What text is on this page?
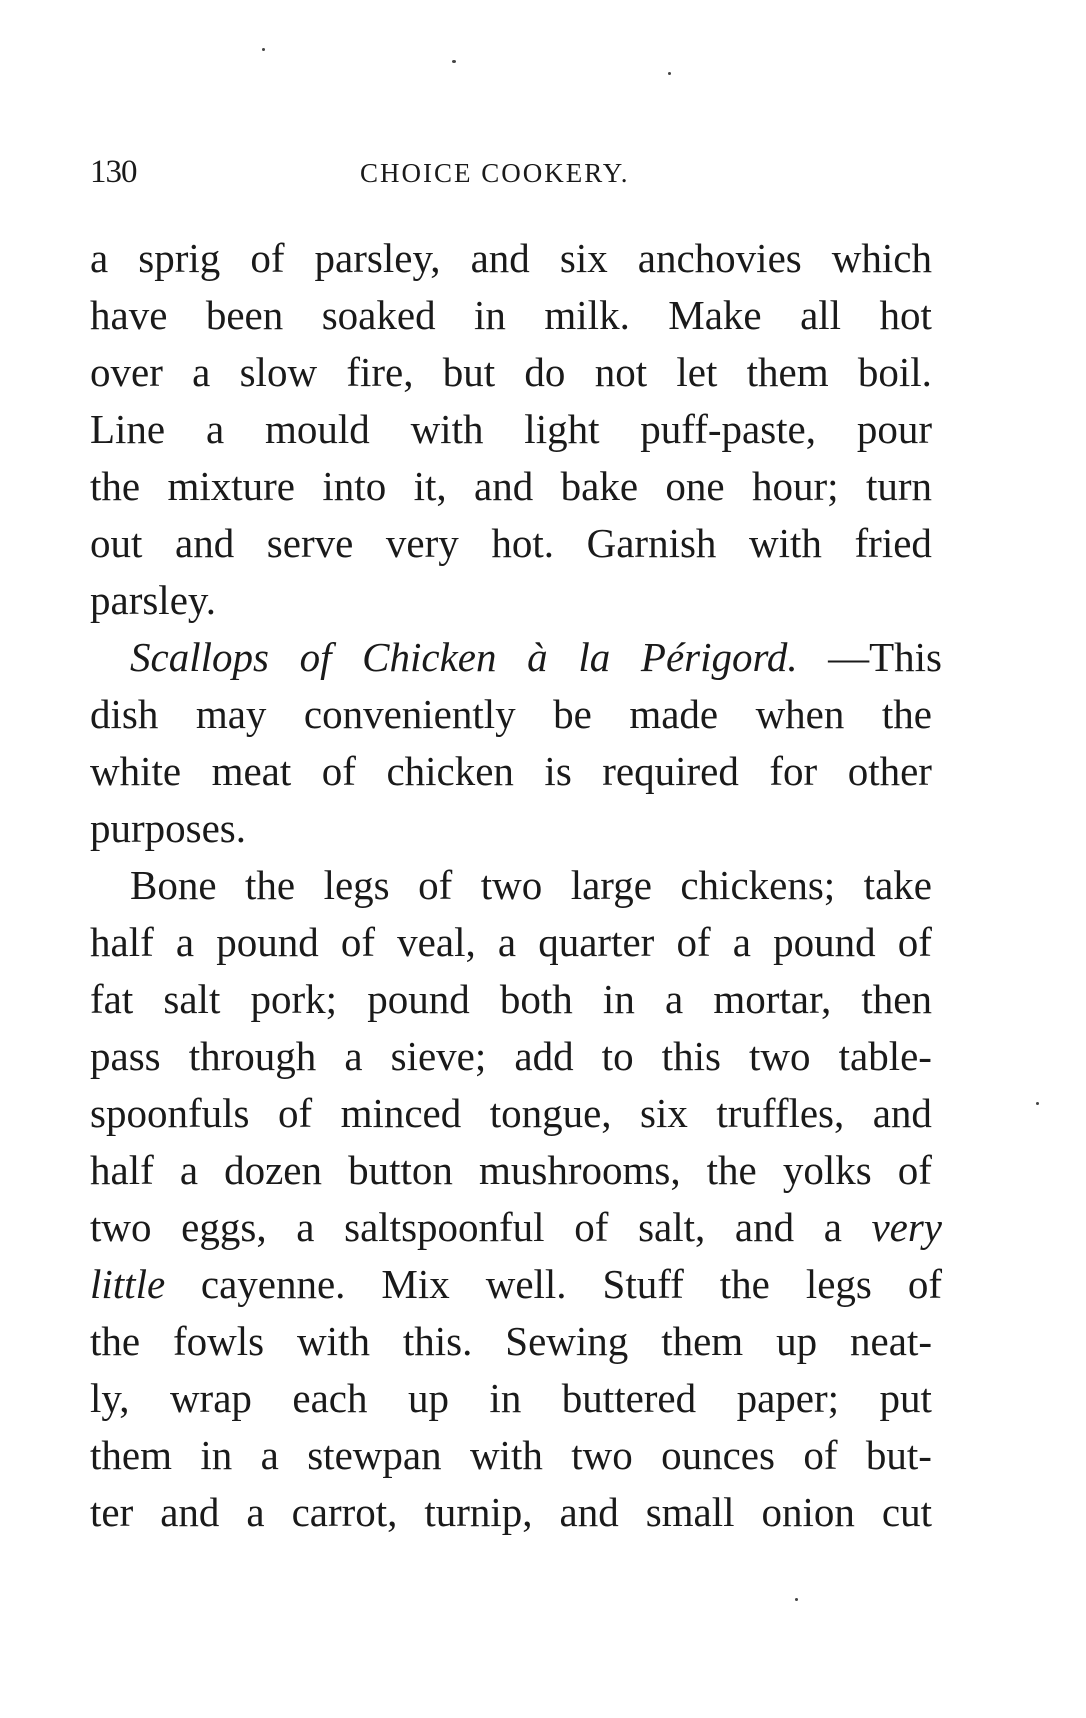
130	CHOICE COOKERY.
a sprig of parsley, and six anchovies which
have been soaked in milk. Make all hot
over a slow fire, but do not let them boil.
Line a mould with light puff-paste, pour
the mixture into it, and bake one hour; turn
out and serve very hot. Garnish with fried
parsley.
Scallops of Chicken à la Périgord. —This
dish may conveniently be made when the
white meat of chicken is required for other
purposes.
Bone the legs of two large chickens; take
half a pound of veal, a quarter of a pound of
fat salt pork; pound both in a mortar, then
pass through a sieve; add to this two table-
spoonfuls of minced tongue, six truffles, and
half a dozen button mushrooms, the yolks of
two eggs, a saltspoonful of salt, and a very
little cayenne. Mix well. Stuff the legs of
the fowls with this. Sewing them up neat-
ly, wrap each up in buttered paper; put
them in a stewpan with two ounces of but-
ter and a carrot, turnip, and small onion cut
